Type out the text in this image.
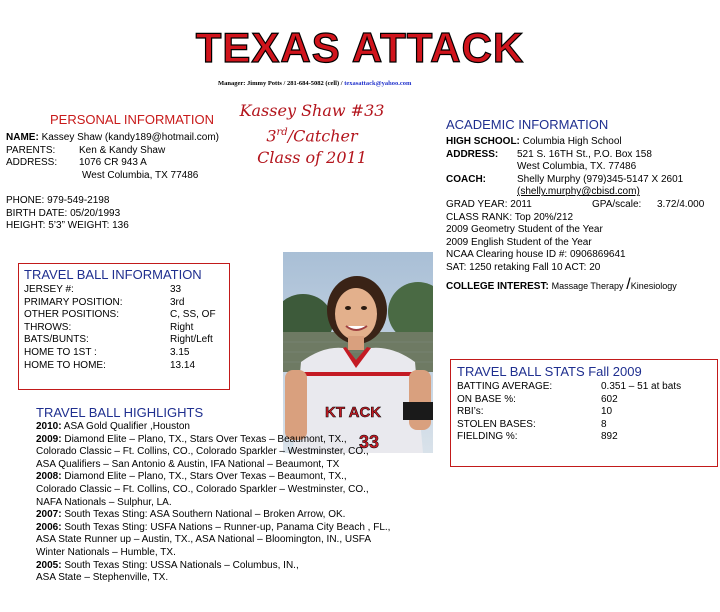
TEXAS ATTACK
Manager: Jimmy Potts / 281-684-5082 (cell) / texasattack@yahoo.com
PERSONAL INFORMATION
NAME: Kassey Shaw (kandy189@hotmail.com)
PARENTS: Ken & Kandy Shaw
ADDRESS: 1076 CR 943 A
West Columbia, TX 77486
PHONE: 979-549-2198
BIRTH DATE: 05/20/1993
HEIGHT: 5’3” WEIGHT: 136
Kassey Shaw #33
3rd/Catcher
Class of 2011
KT ACK
33
TRAVEL BALL INFORMATION
JERSEY #:	33
PRIMARY POSITION:	3rd
OTHER POSITIONS:	C, SS, OF
THROWS:	Right
BATS/BUNTS:	Right/Left
HOME TO 1ST :	3.15
HOME TO HOME:	13.14
TRAVEL BALL HIGHLIGHTS
2010: ASA Gold Qualifier ,Houston
2009: Diamond Elite – Plano, TX., Stars Over Texas – Beaumont, TX.,
Colorado Classic – Ft. Collins, CO., Colorado Sparkler – Westminster, CO.,
ASA Qualifiers – San Antonio & Austin, IFA National – Beaumont, TX
2008: Diamond Elite – Plano, TX., Stars Over Texas – Beaumont, TX.,
Colorado Classic – Ft. Collins, CO., Colorado Sparkler – Westminster, CO.,
NAFA Nationals – Sulphur, LA.
2007: South Texas Sting: ASA Southern National – Broken Arrow, OK.
2006: South Texas Sting: USFA Nations – Runner-up, Panama City Beach , FL.,
ASA State Runner up – Austin, TX., ASA National – Bloomington, IN., USFA
Winter Nationals – Humble, TX.
2005: South Texas Sting: USSA Nationals – Columbus, IN.,
ASA State – Stephenville, TX.
ACADEMIC INFORMATION
HIGH SCHOOL: Columbia High School
ADDRESS: 521 S. 16TH St., P.O. Box 158
West Columbia, TX. 77486
COACH:	Shelly Murphy (979)345-5147 X 2601
(shelly.murphy@cbisd.com)
GRAD YEAR: 2011	GPA/scale: 3.72/4.000
CLASS RANK: Top 20%/212
2009 Geometry Student of the Year
2009 English Student of the Year
NCAA Clearing house ID #: 0906869641
SAT: 1250 retaking Fall 10 ACT: 20
COLLEGE INTEREST: Massage Therapy /Kinesiology
TRAVEL BALL STATS Fall 2009
BATTING AVERAGE:	0.351 – 51 at bats
ON BASE %:	602
RBI’s:	10
STOLEN BASES:	8
FIELDING %:	892
